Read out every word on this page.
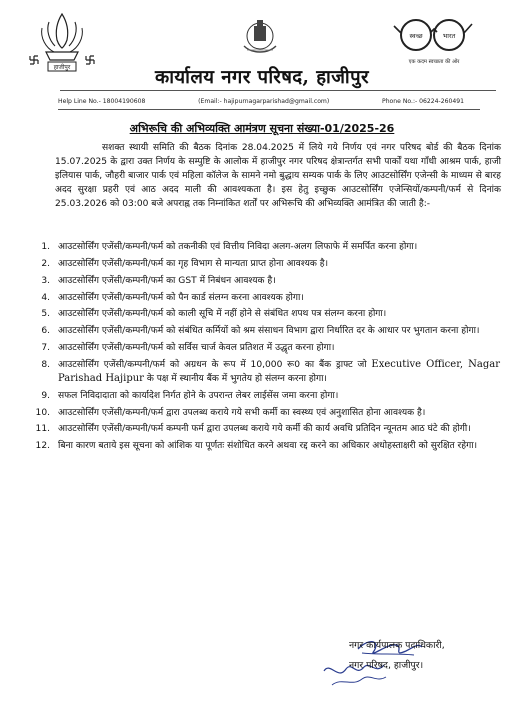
हाजीपुर
स्वच्छ	भारत
एक कदम स्वच्छता की ओर
कार्यालय नगर परिषद, हाजीपुर
Help Line No.- 18004190608	(Email:- hajipurnagarparishad@gmail.com)	Phone No.:- 06224-260491
अभिरूचि की अभिव्यक्ति आमंत्रण सूचना संख्या-01/2025-26

सशक्त स्थायी समिति की बैठक दिनांक 28.04.2025 में लिये गये निर्णय एवं नगर परिषद बोर्ड की बैठक दिनांक 15.07.2025 के द्वारा उक्त निर्णय के सम्पुष्टि के आलोक में हाजीपुर नगर परिषद क्षेत्रान्तर्गत सभी पार्कों यथा गाँधी आश्रम पार्क, हाजी इलियास पार्क, जौहरी बाजार पार्क एवं महिला कॉलेज के सामने नमो बुद्धाय सम्यक पार्क के लिए आउटसोर्सिंग एजेन्सी के माध्यम से बारह अदद सुरक्षा प्रहरी एवं आठ अदद माली की आवश्यकता है। इस हेतु इच्छुक आउटसोर्सिंग एजेन्सियों/कम्पनी/फर्म से दिनांक 25.03.2026 को 03:00 बजे अपराह्न तक निम्नांकित शर्तों पर अभिरूचि की अभिव्यक्ति आमंत्रित की जाती है:-

1. आउटसोर्सिंग एजेंसी/कम्पनी/फर्म को तकनीकी एवं वित्तीय निविदा अलग-अलग लिफाफे में समर्पित करना होगा।
2. आउटसोर्सिंग एजेंसी/कम्पनी/फर्म का गृह विभाग से मान्यता प्राप्त होना आवश्यक है।
3. आउटसोर्सिंग एजेंसी/कम्पनी/फर्म का GST में निबंधन आवश्यक है।
4. आउटसोर्सिंग एजेंसी/कम्पनी/फर्म को पैन कार्ड संलग्न करना आवश्यक होगा।
5. आउटसोर्सिंग एजेंसी/कम्पनी/फर्म को काली सूचि में नहीं होने से संबंधित शपथ पत्र संलग्न करना होगा।
6. आउटसोर्सिंग एजेंसी/कम्पनी/फर्म को संबंधित कर्मियों को श्रम संसाधन विभाग द्वारा निर्धारित दर के आधार पर भुगतान करना होगा।
7. आउटसोर्सिंग एजेंसी/कम्पनी/फर्म को सर्विस चार्ज केवल प्रतिशत में उद्धृत करना होगा।
8. आउटसोर्सिंग एजेंसी/कम्पनी/फर्म को अग्रधन के रूप में 10,000 रू0 का बैंक ड्राफ्ट जो Executive Officer, Nagar Parishad Hajipur के पक्ष में स्थानीय बैंक में भुगतेय हो संलग्न करना होगा।
9. सफल निविदादाता को कार्यादेश निर्गत होने के उपरान्त लेबर लाईसेंस जमा करना होगा।
10. आउटसोर्सिंग एजेंसी/कम्पनी/फर्म द्वारा उपलब्ध कराये गये सभी कर्मी का स्वस्थ्य एवं अनुशासित होना आवश्यक है।
11. आउटसोर्सिंग एजेंसी/कम्पनी/फर्म कम्पनी फर्म द्वारा उपलब्ध कराये गये कर्मी की कार्य अवधि प्रतिदिन न्यूनतम आठ घंटे की होगी।
12. बिना कारण बताये इस सूचना को आंशिक या पूर्णतः संशोधित करने अथवा रद्द करने का अधिकार अधोहस्ताक्षरी को सुरक्षित रहेगा।
नगर कार्यपालक पदाधिकारी,
नगर परिषद, हाजीपुर।
